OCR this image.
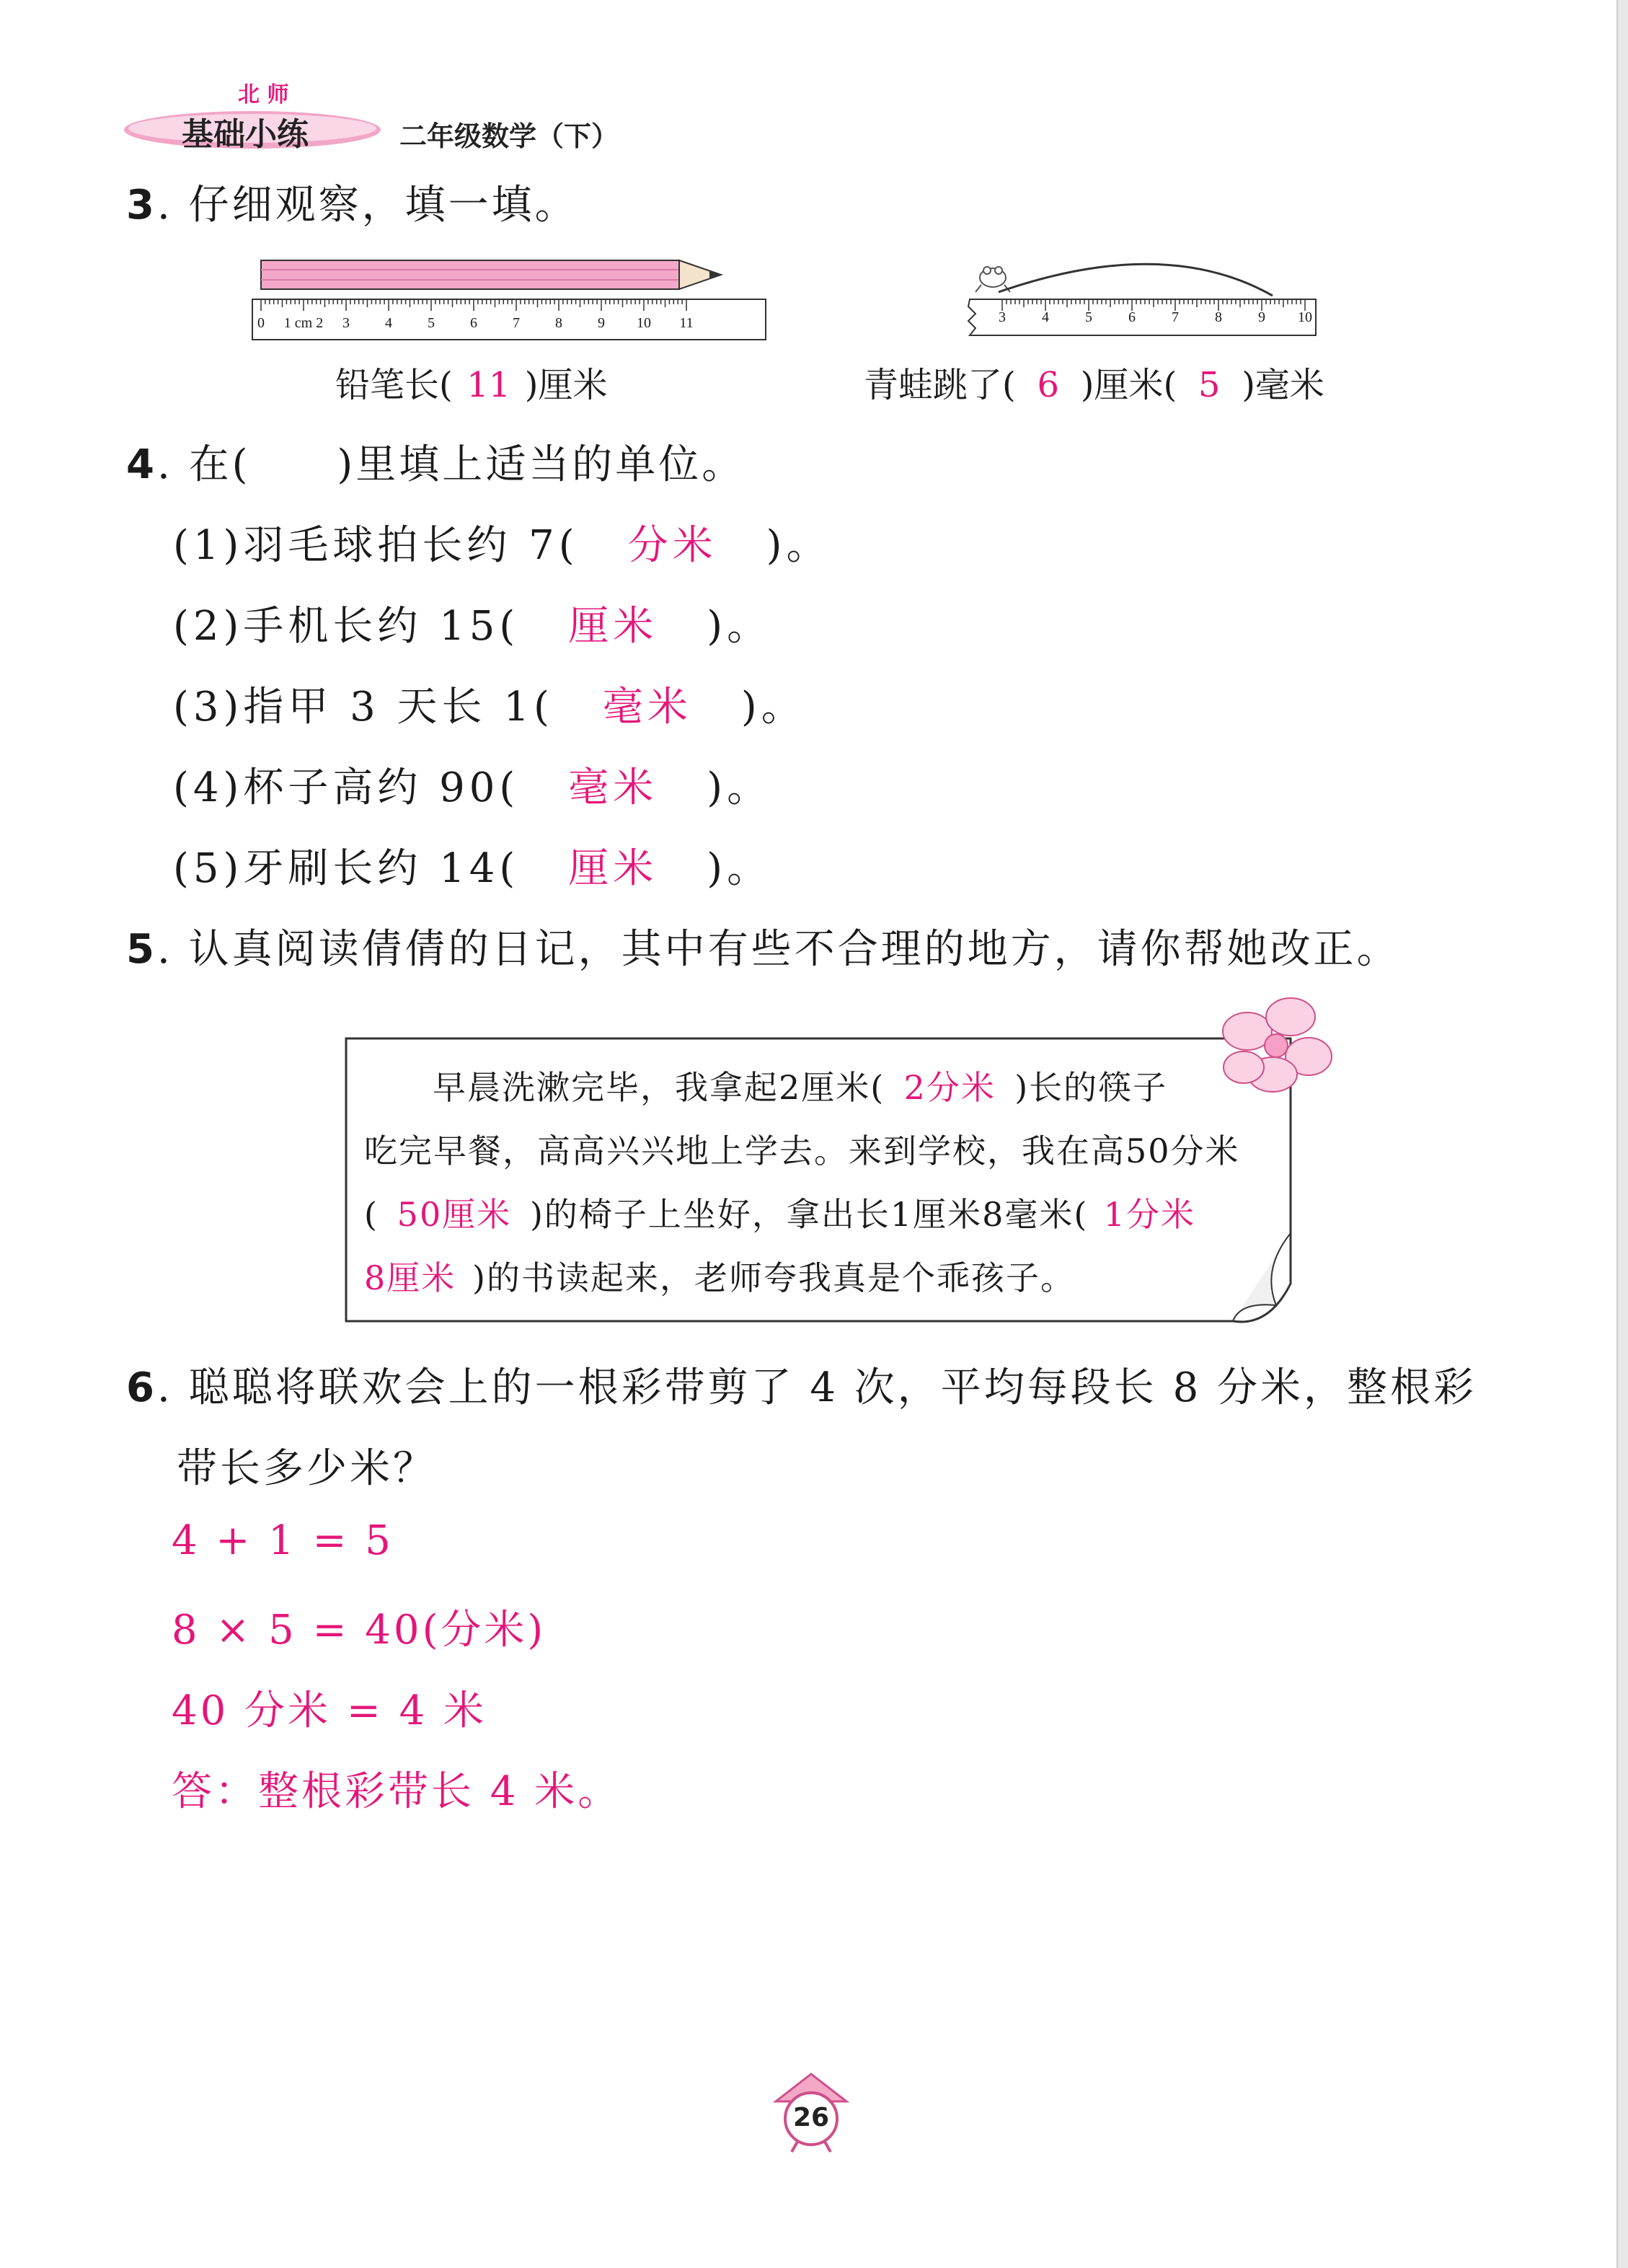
北 师
基础小练	二年级数学（下）
3. 仔细观察，填一填。
0	1 cm 2	3	4	5	6	7	8	9	10	11
铅笔长( 11 )厘米
3	4	5	6	7	8	9	10
青蛙跳了( 6 )厘米( 5 )毫米
4. 在(　　)里填上适当的单位。
(1)羽毛球拍长约 7( 分米 )。
(2)手机长约 15( 厘米 )。
(3)指甲 3 天长 1( 毫米 )。
(4)杯子高约 90( 毫米 )。
(5)牙刷长约 14( 厘米 )。
5. 认真阅读倩倩的日记，其中有些不合理的地方，请你帮她改正。
早晨洗漱完毕，我拿起2厘米( 2分米 )长的筷子
吃完早餐，高高兴兴地上学去。来到学校，我在高50分米
( 50厘米 )的椅子上坐好，拿出长1厘米8毫米( 1分米
8厘米 )的书读起来，老师夸我真是个乖孩子。
6. 聪聪将联欢会上的一根彩带剪了 4 次，平均每段长 8 分米，整根彩
带长多少米？
4 + 1 = 5
8 × 5 = 40(分米)
40 分米 = 4 米
答：整根彩带长 4 米。
26
